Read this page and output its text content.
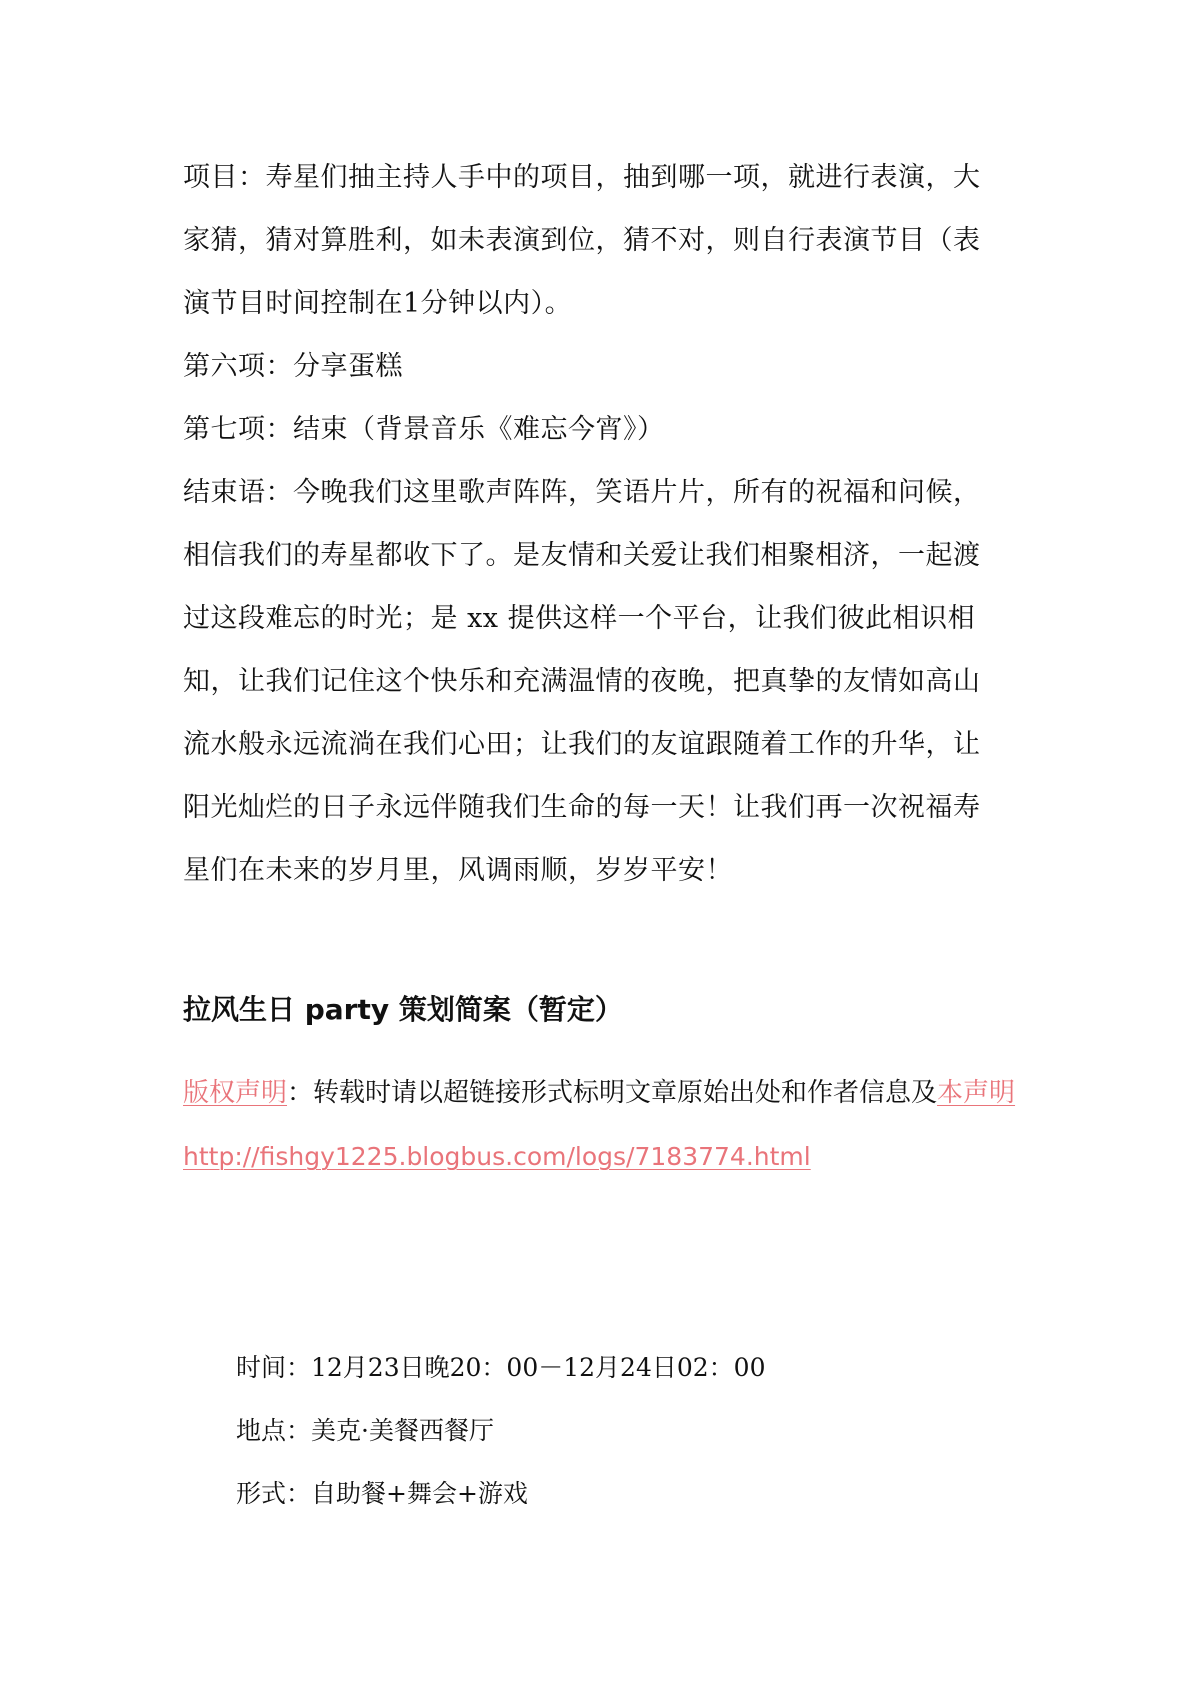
项目：寿星们抽主持人手中的项目，抽到哪一项，就进行表演，大
家猜，猜对算胜利，如未表演到位，猜不对，则自行表演节目（表
演节目时间控制在1分钟以内）。
第六项：分享蛋糕
第七项：结束（背景音乐《难忘今宵》）
结束语：今晚我们这里歌声阵阵，笑语片片，所有的祝福和问候，
相信我们的寿星都收下了。是友情和关爱让我们相聚相济，一起渡
过这段难忘的时光；是 xx 提供这样一个平台，让我们彼此相识相
知，让我们记住这个快乐和充满温情的夜晚，把真挚的友情如高山
流水般永远流淌在我们心田；让我们的友谊跟随着工作的升华，让
阳光灿烂的日子永远伴随我们生命的每一天！让我们再一次祝福寿
星们在未来的岁月里，风调雨顺，岁岁平安！
拉风生日 party 策划简案（暂定）
版权声明：转载时请以超链接形式标明文章原始出处和作者信息及本声明
http://fishgy1225.blogbus.com/logs/7183774.html
时间：12月23日晚20：00－12月24日02：00
地点：美克·美餐西餐厅
形式：自助餐+舞会+游戏
